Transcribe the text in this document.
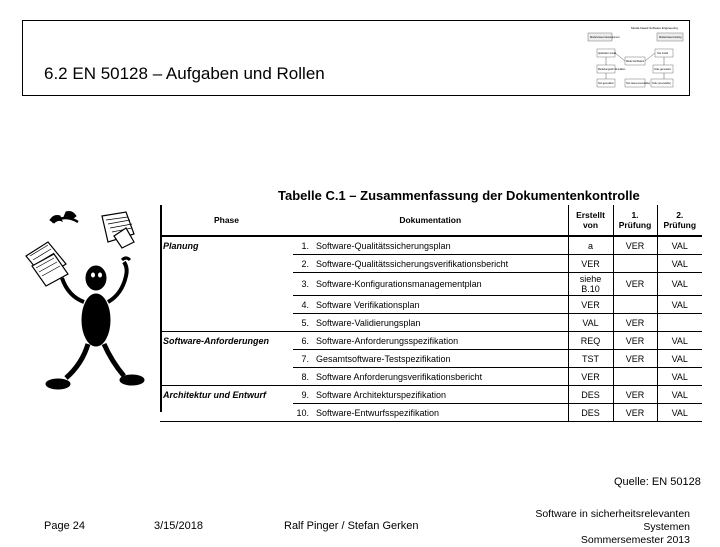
6.2 EN 50128 – Aufgaben und Rollen
Model-based Software Engineering
Model-based development	Model-based testing
Application model	Test model
Model Verification
Modellvergleich Simulation	Code generation
Test generation	Code (executable)
Test cases (executable)
Tabelle C.1 – Zusammenfassung der Dokumentenkontrolle
Phase	Dokumentation		Erstellt von	1. Prüfung	2. Prüfung
Planung	1.	Software-Qualitätssicherungsplan	a	VER	VAL
	2.	Software-Qualitätssicherungsverifikationsbericht	VER		VAL
	3.	Software-Konfigurationsmanagementplan	siehe B.10	VER	VAL
	4.	Software Verifikationsplan	VER		VAL
	5.	Software-Validierungsplan	VAL	VER	
Software-Anforderungen	6.	Software-Anforderungsspezifikation	REQ	VER	VAL
	7.	Gesamtsoftware-Testspezifikation	TST	VER	VAL
	8.	Software Anforderungsverifikationsbericht	VER		VAL
Architektur und Entwurf	9.	Software Architekturspezifikation	DES	VER	VAL
	10.	Software-Entwurfsspezifikation	DES	VER	VAL
Quelle: EN 50128
Page 24	3/15/2018	Ralf Pinger / Stefan Gerken
Software in sicherheitsrelevanten Systemen
Sommersemester 2013
